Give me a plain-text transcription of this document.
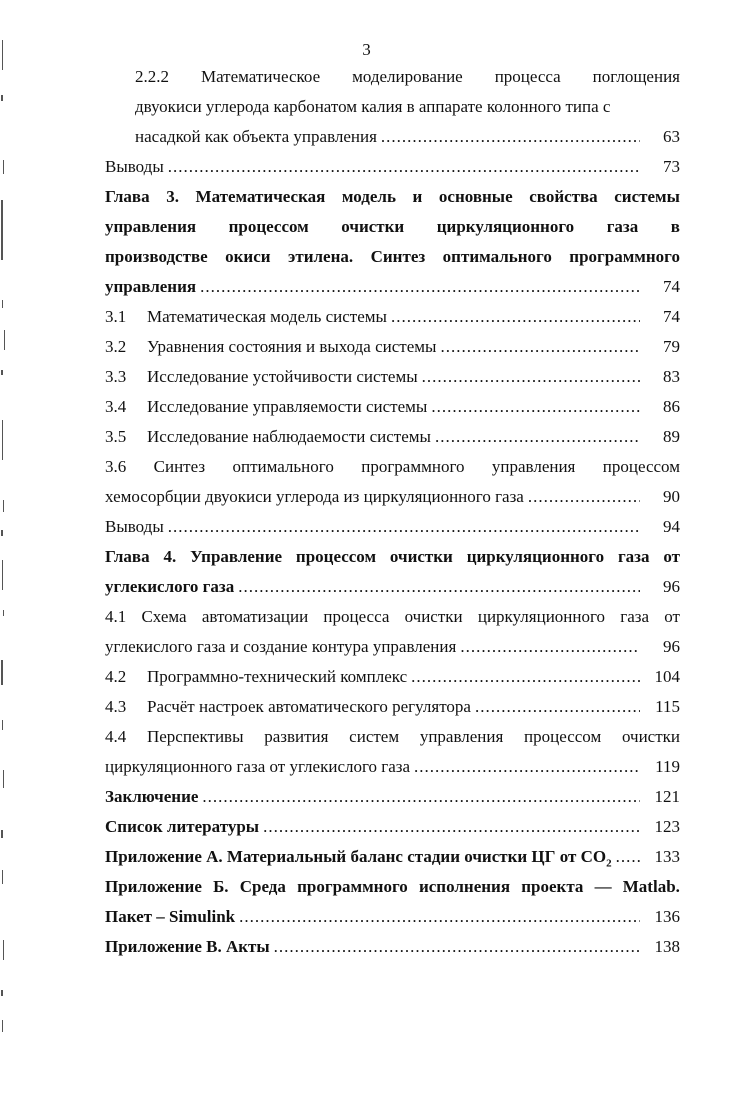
3
2.2.2 Математическое моделирование процесса поглощения
двуокиси углерода карбонатом калия в аппарате колонного типа с
насадкой как объекта управления .....	63
Выводы .....	73
Глава 3. Математическая модель и основные свойства системы
управления процессом очистки циркуляционного газа в
производстве окиси этилена. Синтез оптимального программного
управления .....	74
3.1 Математическая модель системы .....	74
3.2 Уравнения состояния и выхода системы .....	79
3.3 Исследование устойчивости системы .....	83
3.4 Исследование управляемости системы .....	86
3.5 Исследование наблюдаемости системы .....	89
3.6 Синтез оптимального программного управления процессом
хемосорбции двуокиси углерода из циркуляционного газа .....	90
Выводы .....	94
Глава 4. Управление процессом очистки циркуляционного газа от
углекислого газа .....	96
4.1 Схема автоматизации процесса очистки циркуляционного газа от
углекислого газа и создание контура управления .....	96
4.2 Программно-технический комплекс .....	104
4.3 Расчёт настроек автоматического регулятора .....	115
4.4 Перспективы развития систем управления процессом очистки
циркуляционного газа от углекислого газа .....	119
Заключение .....	121
Список литературы .....	123
Приложение А. Материальный баланс стадии очистки ЦГ от $CO_2$ .....	133
Приложение Б. Среда программного исполнения проекта — Matlab.
Пакет – Simulink .....	136
Приложение В. Акты .....	138
